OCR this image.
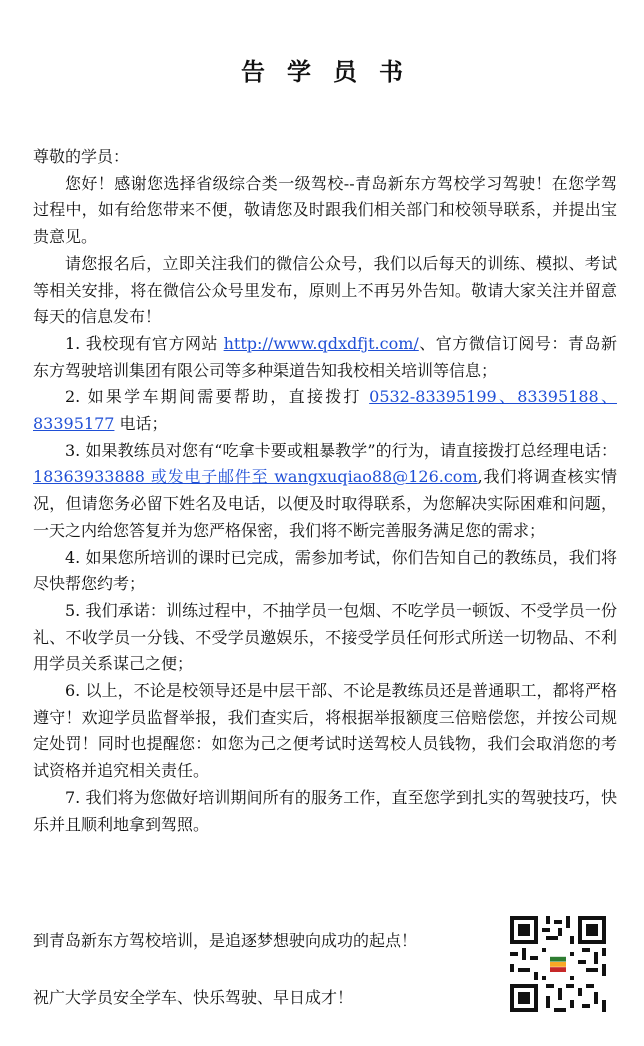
告学员书

尊敬的学员：

您好！感谢您选择省级综合类一级驾校--青岛新东方驾校学习驾驶！在您学驾过程中，如有给您带来不便，敬请您及时跟我们相关部门和校领导联系，并提出宝贵意见。

请您报名后，立即关注我们的微信公众号，我们以后每天的训练、模拟、考试等相关安排，将在微信公众号里发布，原则上不再另外告知。敬请大家关注并留意每天的信息发布！

1. 我校现有官方网站 http://www.qdxdfjt.com/、官方微信订阅号：青岛新东方驾驶培训集团有限公司等多种渠道告知我校相关培训等信息；

2. 如果学车期间需要帮助，直接拨打 0532-83395199、83395188、83395177 电话；

3. 如果教练员对您有“吃拿卡要或粗暴教学”的行为，请直接拨打总经理电话：18363933888 或发电子邮件至 wangxuqiao88@126.com,我们将调查核实情况，但请您务必留下姓名及电话，以便及时取得联系，为您解决实际困难和问题，一天之内给您答复并为您严格保密，我们将不断完善服务满足您的需求；

4. 如果您所培训的课时已完成，需参加考试，你们告知自己的教练员，我们将尽快帮您约考；

5. 我们承诺：训练过程中，不抽学员一包烟、不吃学员一顿饭、不受学员一份礼、不收学员一分钱、不受学员邀娱乐，不接受学员任何形式所送一切物品、不利用学员关系谋己之便；

6. 以上，不论是校领导还是中层干部、不论是教练员还是普通职工，都将严格遵守！欢迎学员监督举报，我们查实后，将根据举报额度三倍赔偿您，并按公司规定处罚！同时也提醒您：如您为己之便考试时送驾校人员钱物，我们会取消您的考试资格并追究相关责任。

7. 我们将为您做好培训期间所有的服务工作，直至您学到扎实的驾驶技巧，快乐并且顺利地拿到驾照。

到青岛新东方驾校培训，是追逐梦想驶向成功的起点！
祝广大学员安全学车、快乐驾驶、早日成才！
